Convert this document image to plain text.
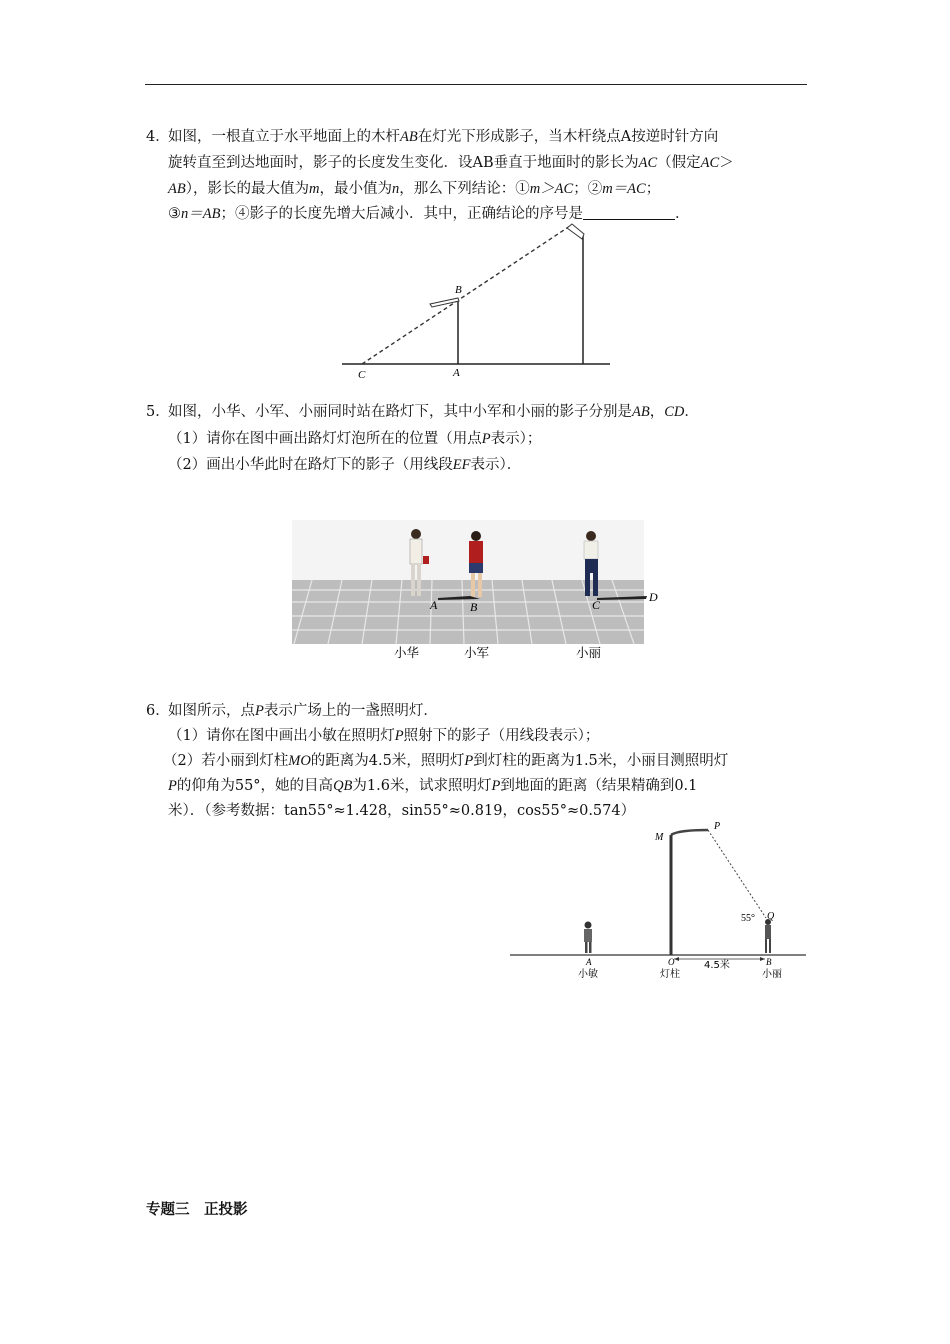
4．
如图，一根直立于水平地面上的木杆AB在灯光下形成影子，当木杆绕点A按逆时针方向
旋转直至到达地面时，影子的长度发生变化．设AB垂直于地面时的影长为AC（假定AC＞
AB），影长的最大值为m，最小值为n，那么下列结论：①m＞AC；②m＝AC；
③n＝AB；④影子的长度先增大后减小．其中，正确结论的序号是	．
B
C	A
5．
如图，小华、小军、小丽同时站在路灯下，其中小军和小丽的影子分别是AB，CD．
（1）请你在图中画出路灯灯泡所在的位置（用点P表示）；
（2）画出小华此时在路灯下的影子（用线段EF表示）．
A	B	C
D
小华	小军	小丽
6．
如图所示，点P表示广场上的一盏照明灯．
（1）请你在图中画出小敏在照明灯P照射下的影子（用线段表示）；
（2）若小丽到灯柱MO的距离为4.5米，照明灯P到灯柱的距离为1.5米，小丽目测照明灯
P的仰角为55°，她的目高QB为1.6米，试求照明灯P到地面的距离（结果精确到0.1
米）．（参考数据：tan55°≈1.428，sin55°≈0.819，cos55°≈0.574）
M
P
Q
55°
A	O	B
4.5米
小敏	灯柱	小丽
专题三　正投影
